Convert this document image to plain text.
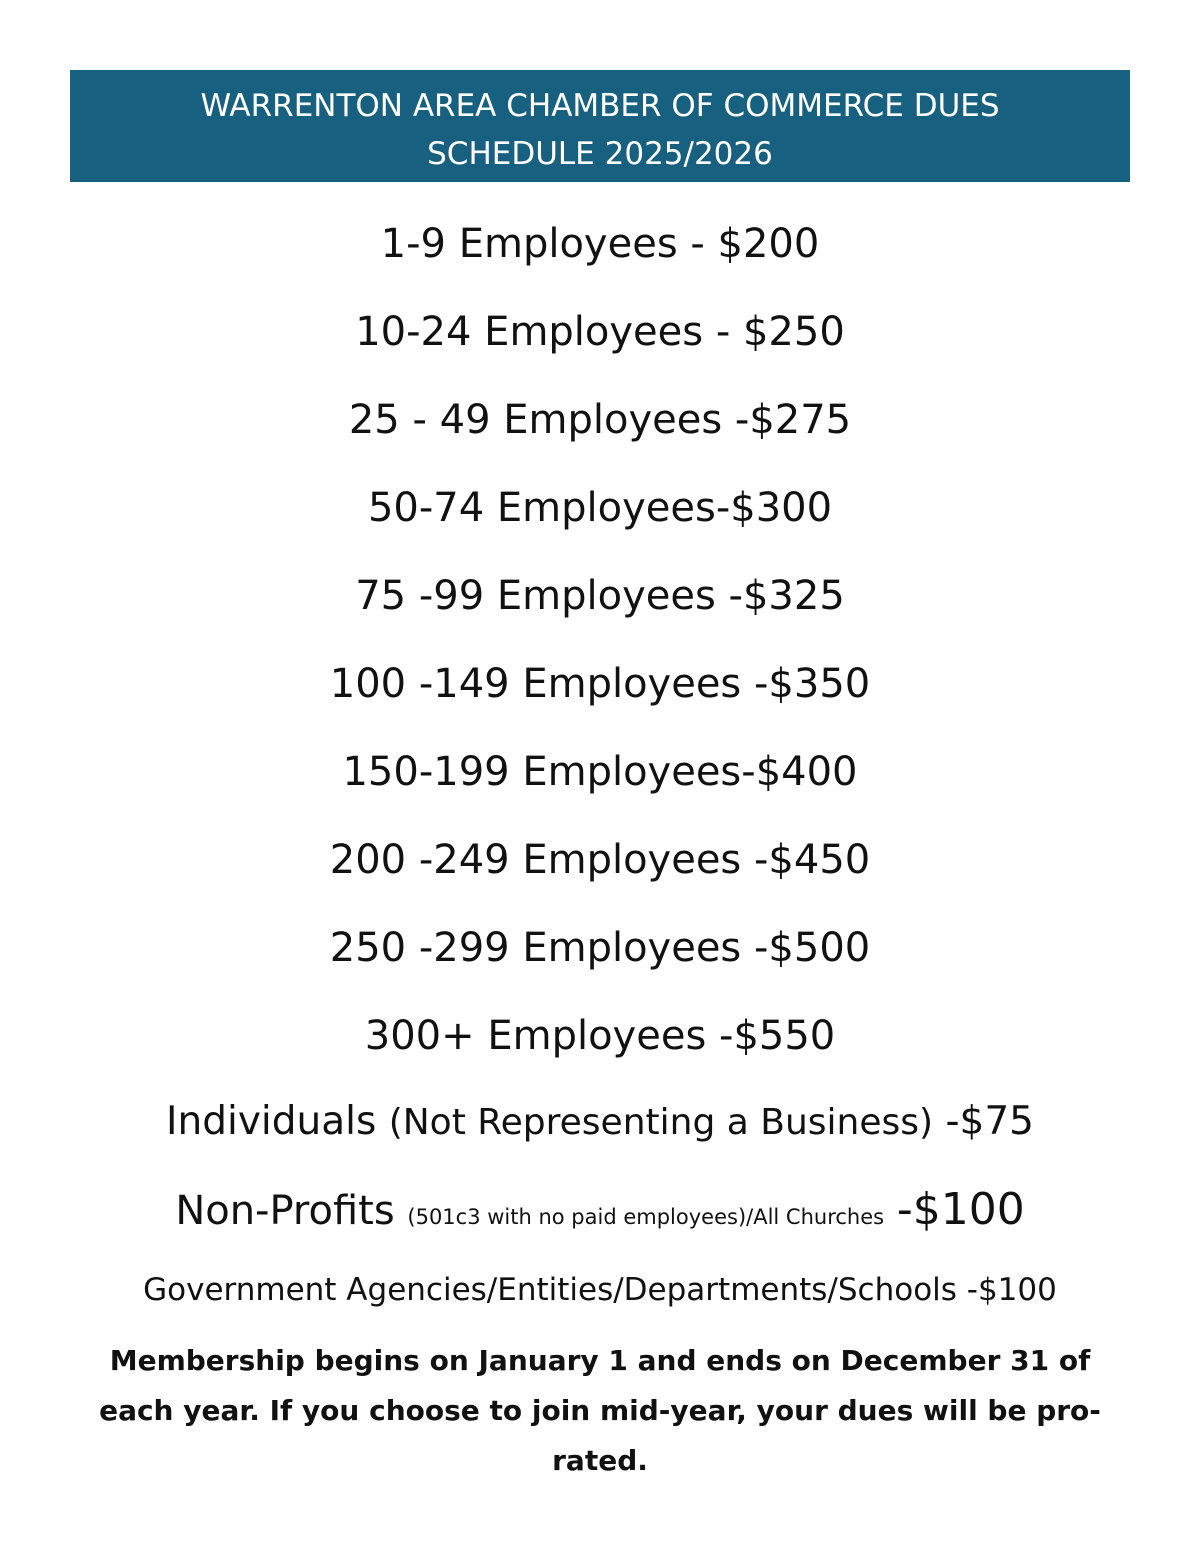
WARRENTON AREA CHAMBER OF COMMERCE DUES
SCHEDULE 2025/2026
1-9 Employees - $200
10-24 Employees - $250
25 - 49 Employees -$275
50-74 Employees-$300
75 -99 Employees -$325
100 -149 Employees -$350
150-199 Employees-$400
200 -249 Employees -$450
250 -299 Employees -$500
300+ Employees -$550
Individuals (Not Representing a Business) -$75
Non-Profits (501c3 with no paid employees)/All Churches -$100
Government Agencies/Entities/Departments/Schools -$100
Membership begins on January 1 and ends on December 31 of each year. If you choose to join mid-year, your dues will be pro-rated.
